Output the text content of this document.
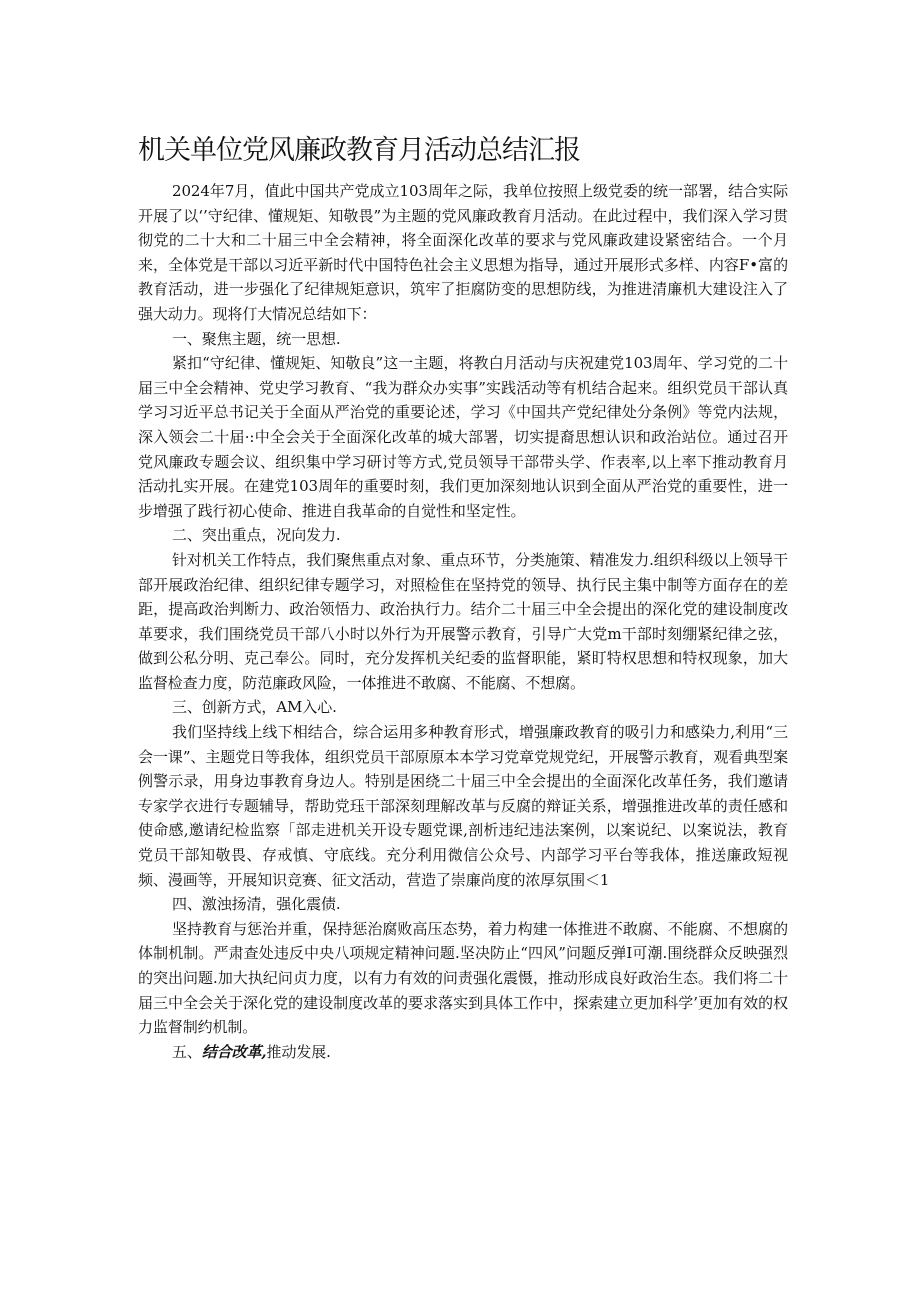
机关单位党风廉政教育月活动总结汇报

2024年7月，值此中国共产党成立103周年之际，我单位按照上级党委的统一部署，结合实际开展了以‘’守纪律、懂规矩、知敬畏”为主题的党风廉政教育月活动。在此过程中，我们深入学习贯彻党的二十大和二十届三中全会精神，将全面深化改革的要求与党风廉政建设紧密结合。一个月来，全体党是干部以习近平新时代中国特色社会主义思想为指导，通过开展形式多样、内容F•富的教育活动，进一步强化了纪律规矩意识，筑牢了拒腐防变的思想防线，为推进清廉机大建设注入了强大动力。现将仃大情况总结如下：

一、聚焦主题，统一思想.

紧扣“守纪律、懂规矩、知敬良”这一主题，将教白月活动与庆祝建党103周年、学习党的二十届三中全会精神、党史学习教育、“我为群众办实事”实践活动等有机结合起来。组织党员干部认真学习习近平总书记关于全面从严治党的重要论述，学习《中国共产党纪律处分条例》等党内法规，深入领会二十届·:中全会关于全面深化改革的城大部署，切实提裔思想认识和政治站位。通过召开党风廉政专题会议、组织集中学习研讨等方式,党员领导干部带头学、作表率,以上率下推动教育月活动扎实开展。在建党103周年的重要时刻，我们更加深刻地认识到全面从严治党的重要性，进一步增强了践行初心使命、推进自我革命的自觉性和坚定性。

二、突出重点，况向发力.

针对机关工作特点，我们聚焦重点对象、重点环节，分类施策、精准发力.组织科级以上领导干部开展政治纪律、组织纪律专题学习，对照检隹在坚持党的领导、执行民主集中制等方面存在的差距，提高政治判断力、政治领悟力、政治执行力。结介二十届三中全会提出的深化党的建设制度改革要求，我们围绕党员干部八小时以外行为开展警示教育，引导广大党m干部时刻绷紧纪律之弦，做到公私分明、克己奉公。同时，充分发挥机关纪委的监督职能，紧盯特权思想和特权现象，加大监督检查力度，防范廉政风险，一体推进不敢腐、不能腐、不想腐。

三、创新方式，AM入心.

我们坚持线上线下相结合，综合运用多种教育形式，增强廉政教育的吸引力和感染力,利用“三会一课”、主题党日等我体，组织党员干部原原本本学习党章党规党纪，开展警示教育，观看典型案例警示录，用身边事教育身边人。特别是困绕二十届三中全会提出的全面深化改革任务，我们邀请专家学衣进行专题辅导，帮助党珏干部深刻理解改革与反腐的辩证关系，增强推进改革的责任感和使命感,邀请纪检监察「部走进机关开设专题党课,剖析违纪违法案例，以案说纪、以案说法，教育党员干部知敬畏、存戒慎、守底线。充分利用微信公众号、内部学习平台等我体，推送廉政短视频、漫画等，开展知识竞赛、征文活动，营造了崇廉尚度的浓厚氛围＜1

四、激浊扬清，强化震债.

坚持教育与惩治并重，保持惩治腐败高压态势，着力构建一体推进不敢腐、不能腐、不想腐的体制机制。严肃查处违反中央八项规定精神问题.坚决防止“四风”问题反弹I可潮.围绕群众反映强烈的突出问题.加大执纪问贞力度，以有力有效的问责强化震慑，推动形成良好政治生态。我们将二十届三中全会关于深化党的建设制度改革的要求落实到具体工作中，探索建立更加科学’更加有效的权力监督制约机制。

五、结合改革,推动发展.
